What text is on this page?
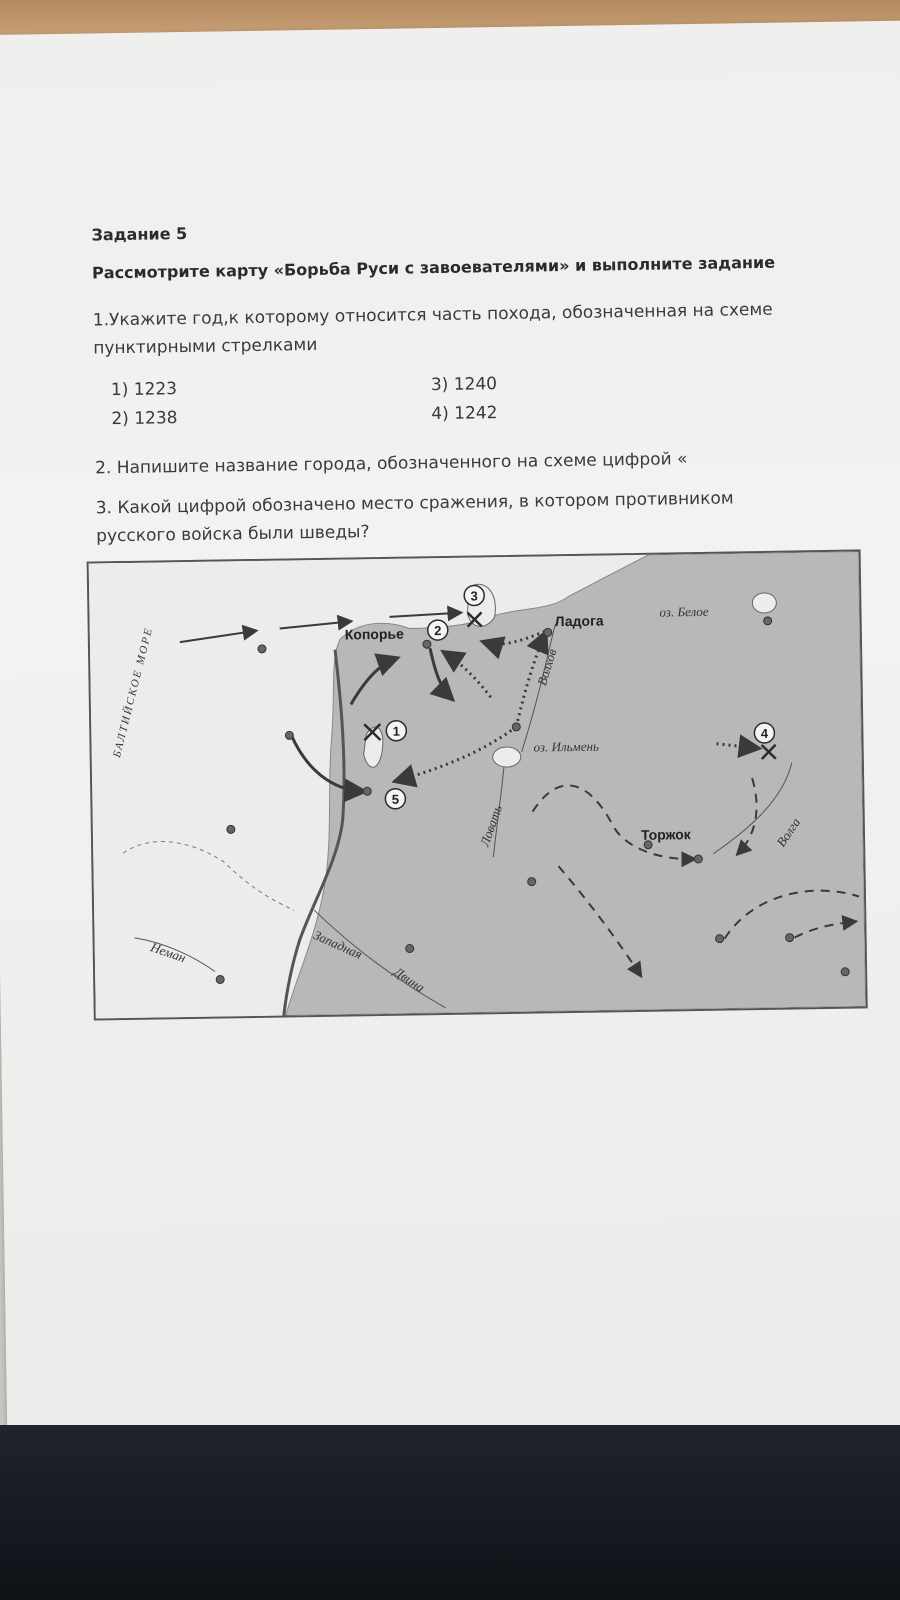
Задание 5
Рассмотрите карту «Борьба Руси с завоевателями» и выполните задание
1.Укажите год,к которому относится часть похода, обозначенная на схеме
пунктирными стрелками
1) 1223
2) 1238
3) 1240
4) 1242
2. Напишите название города, обозначенного на схеме цифрой «
3. Какой цифрой обозначено место сражения, в котором противником
русского войска были шведы?
1
2
3
4
5
Копорье
Ладога
Торжок
оз. Белое
оз. Ильмень
Волхов
Ловать	Волга
Неман	Западная
Двина
БАЛТИЙСКОЕ МОРЕ
